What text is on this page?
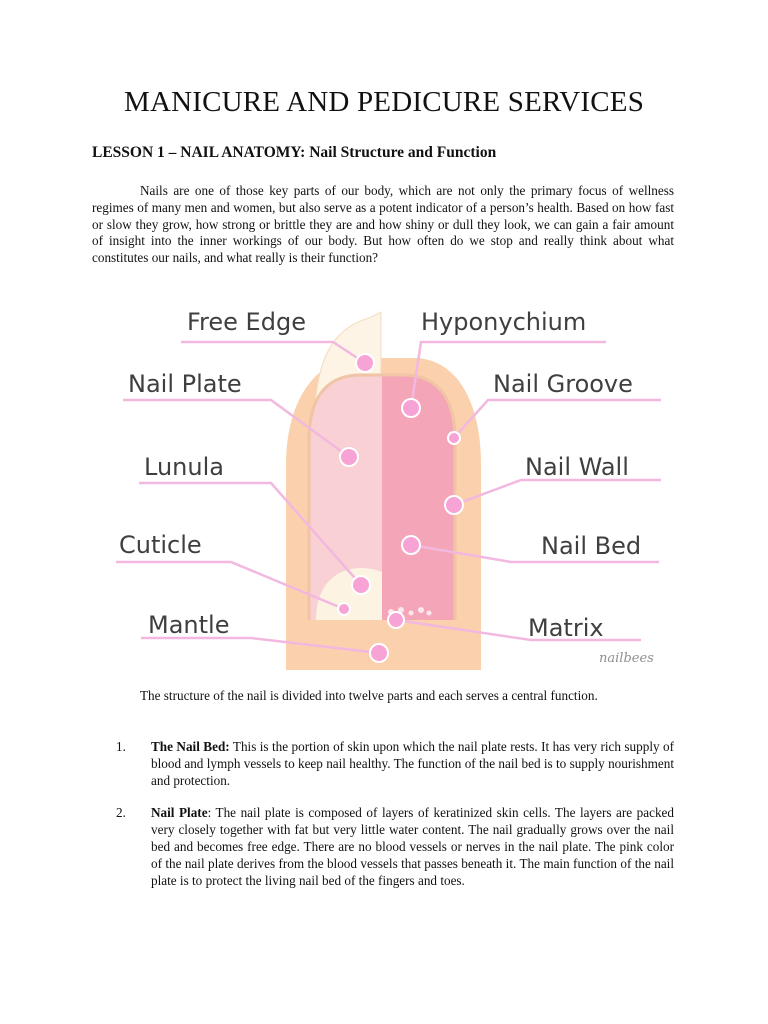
MANICURE AND PEDICURE SERVICES
LESSON 1 – NAIL ANATOMY: Nail Structure and Function

Nails are one of those key parts of our body, which are not only the primary focus of wellness regimes of many men and women, but also serve as a potent indicator of a person’s health. Based on how fast or slow they grow, how strong or brittle they are and how shiny or dull they look, we can gain a fair amount of insight into the inner workings of our body. But how often do we stop and really think about what constitutes our nails, and what really is their function?

Free Edge	Hyponychium
Nail Plate	Nail Groove
Lunula	Nail Wall
Cuticle	Nail Bed
Mantle	Matrix
nailbees

The structure of the nail is divided into twelve parts and each serves a central function.

1. The Nail Bed: This is the portion of skin upon which the nail plate rests. It has very rich supply of blood and lymph vessels to keep nail healthy. The function of the nail bed is to supply nourishment and protection.
2. Nail Plate: The nail plate is composed of layers of keratinized skin cells. The layers are packed very closely together with fat but very little water content. The nail gradually grows over the nail bed and becomes free edge. There are no blood vessels or nerves in the nail plate. The pink color of the nail plate derives from the blood vessels that passes beneath it. The main function of the nail plate is to protect the living nail bed of the fingers and toes.
